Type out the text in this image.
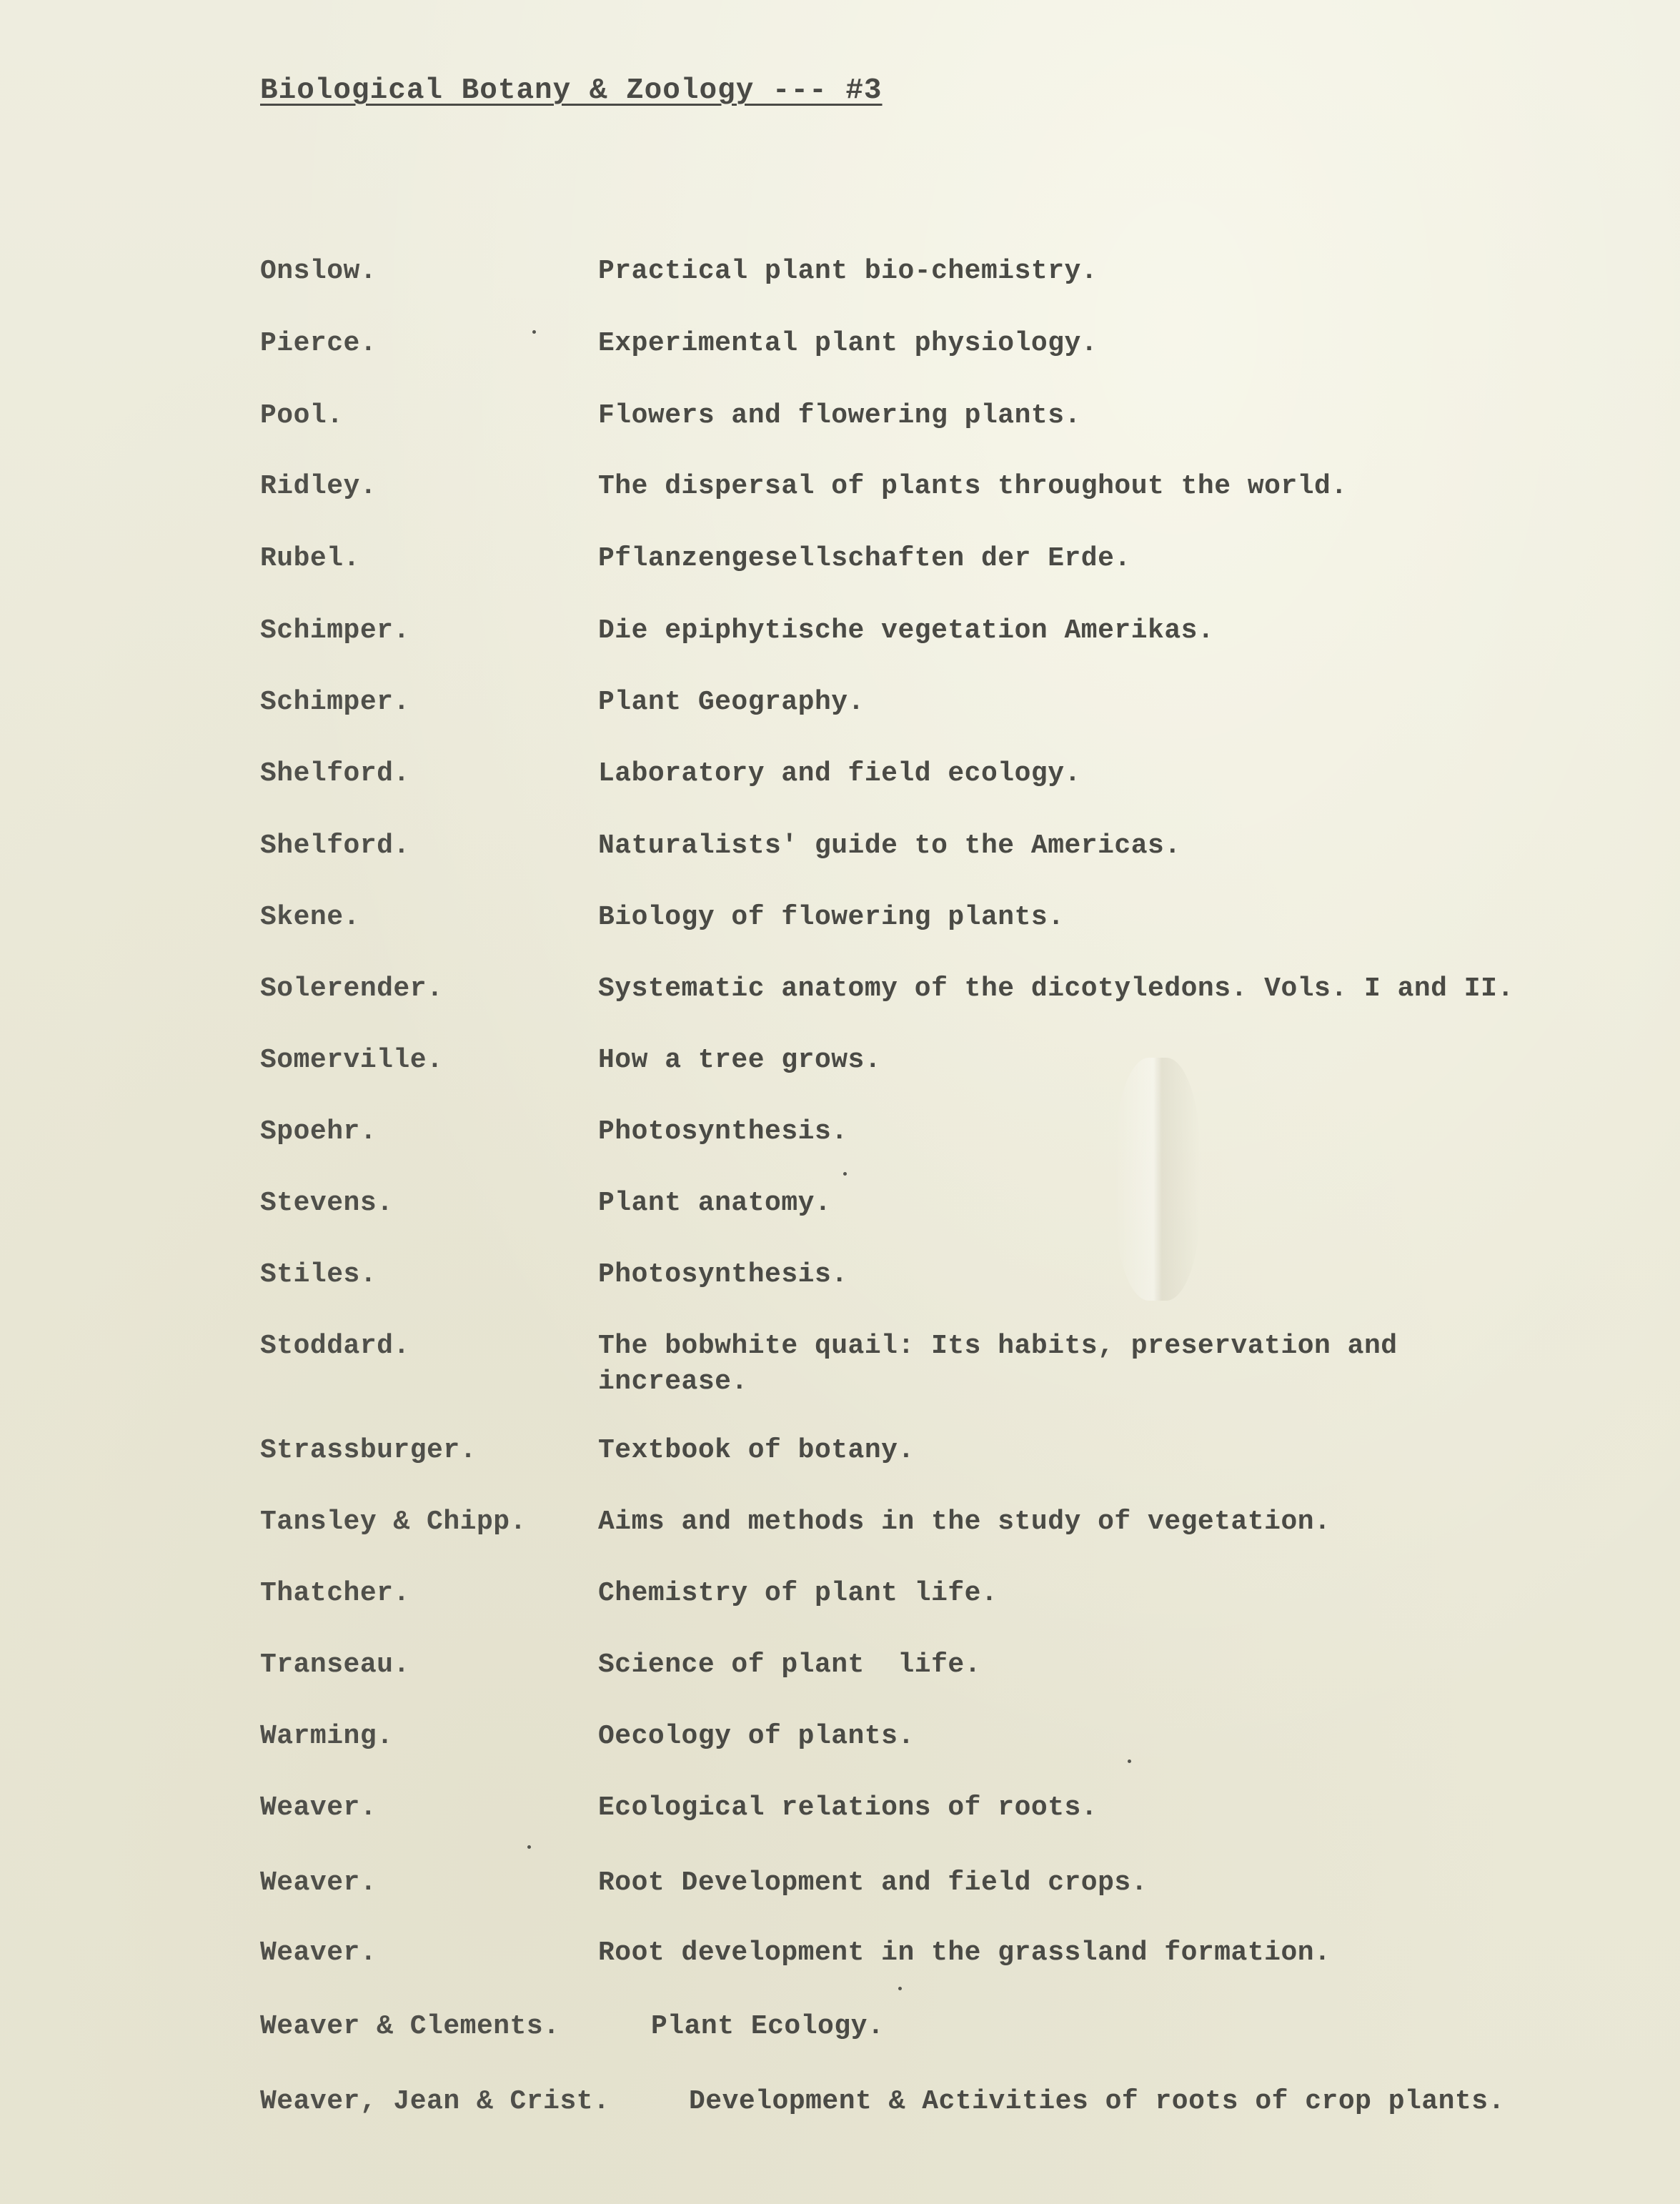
Biological Botany & Zoology --- #3
Onslow.	Practical plant bio-chemistry.
Pierce.	Experimental plant physiology.
Pool.	Flowers and flowering plants.
Ridley.	The dispersal of plants throughout the world.
Rubel.	Pflanzengesellschaften der Erde.
Schimper.	Die epiphytische vegetation Amerikas.
Schimper.	Plant Geography.
Shelford.	Laboratory and field ecology.
Shelford.	Naturalists' guide to the Americas.
Skene.	Biology of flowering plants.
Solerender.	Systematic anatomy of the dicotyledons. Vols. I and II.
Somerville.	How a tree grows.
Spoehr.	Photosynthesis.
Stevens.	Plant anatomy.
Stiles.	Photosynthesis.
Stoddard.	The bobwhite quail: Its habits, preservation and increase.
Strassburger.	Textbook of botany.
Tansley & Chipp.	Aims and methods in the study of vegetation.
Thatcher.	Chemistry of plant life.
Transeau.	Science of plant  life.
Warming.	Oecology of plants.
Weaver.	Ecological relations of roots.
Weaver.	Root Development and field crops.
Weaver.	Root development in the grassland formation.
Weaver & Clements.	Plant Ecology.
Weaver, Jean & Crist.	Development & Activities of roots of crop plants.
